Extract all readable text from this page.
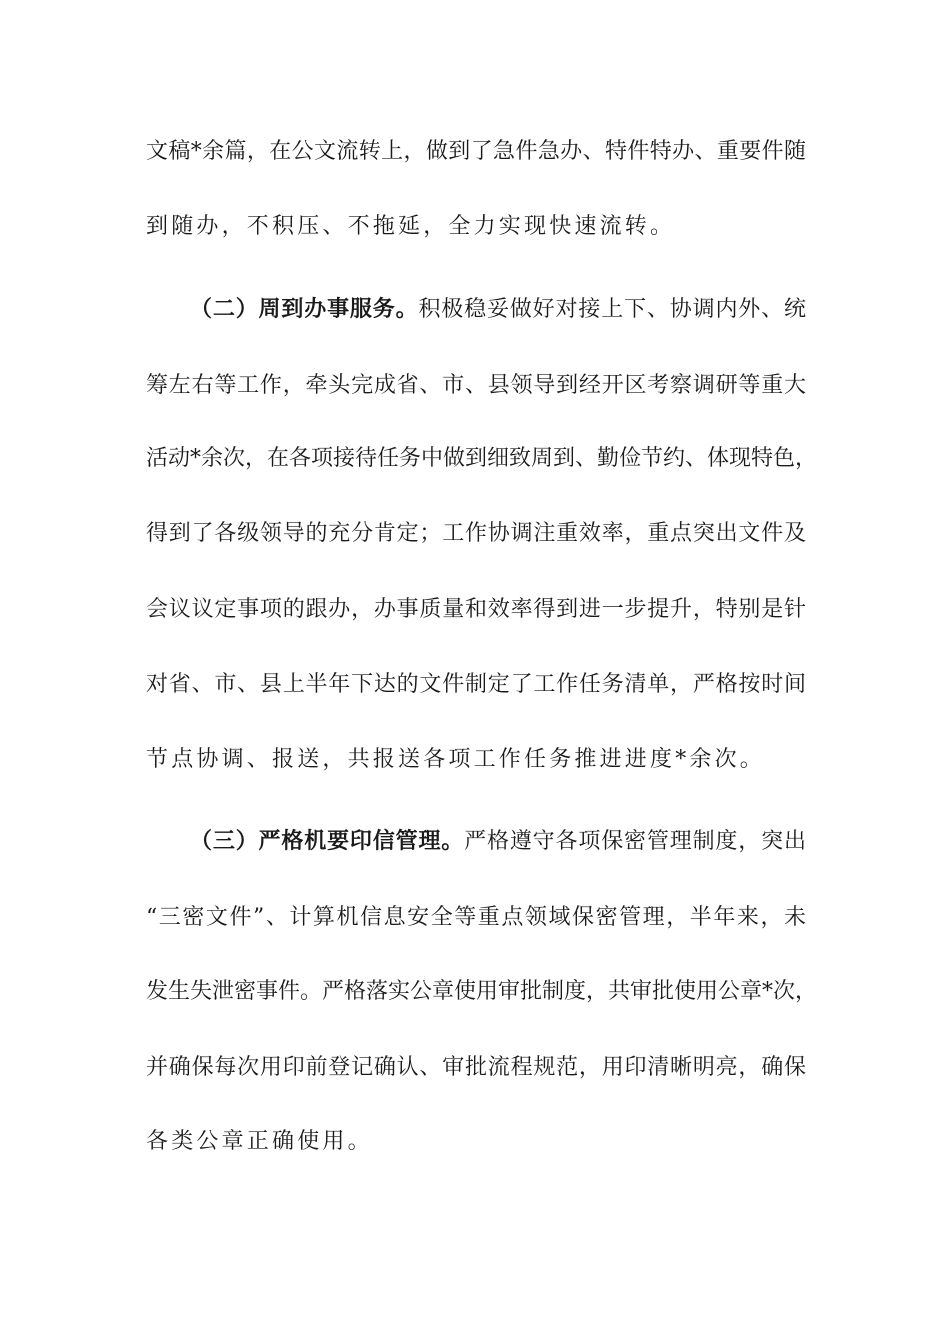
文稿*余篇，在公文流转上，做到了急件急办、特件特办、重要件随
到随办，不积压、不拖延，全力实现快速流转。
（二）周到办事服务。积极稳妥做好对接上下、协调内外、统
筹左右等工作，牵头完成省、市、县领导到经开区考察调研等重大
活动*余次，在各项接待任务中做到细致周到、勤俭节约、体现特色，
得到了各级领导的充分肯定；工作协调注重效率，重点突出文件及
会议议定事项的跟办，办事质量和效率得到进一步提升，特别是针
对省、市、县上半年下达的文件制定了工作任务清单，严格按时间
节点协调、报送，共报送各项工作任务推进进度*余次。
（三）严格机要印信管理。严格遵守各项保密管理制度，突出
“三密文件”、计算机信息安全等重点领域保密管理，半年来，未
发生失泄密事件。严格落实公章使用审批制度，共审批使用公章*次，
并确保每次用印前登记确认、审批流程规范，用印清晰明亮，确保
各类公章正确使用。
